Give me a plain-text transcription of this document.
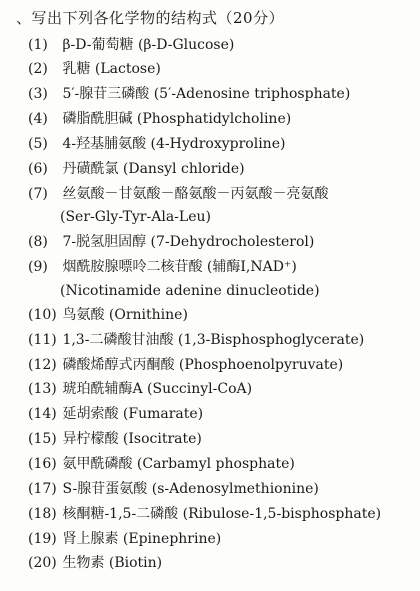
、写出下列各化学物的结构式（20分）
(1) β-D-葡萄糖 (β-D-Glucose)
(2) 乳糖 (Lactose)
(3) 5′-腺苷三磷酸 (5′-Adenosine triphosphate)
(4) 磷脂酰胆碱 (Phosphatidylcholine)
(5) 4-羟基脯氨酸 (4-Hydroxyproline)
(6) 丹磺酰氯 (Dansyl chloride)
(7) 丝氨酸－甘氨酸－酪氨酸－丙氨酸－亮氨酸
(Ser-Gly-Tyr-Ala-Leu)
(8) 7-脱氢胆固醇 (7-Dehydrocholesterol)
(9) 烟酰胺腺嘌呤二核苷酸 (辅酶Ⅰ,NAD⁺)
(Nicotinamide adenine dinucleotide)
(10) 鸟氨酸 (Ornithine)
(11) 1,3-二磷酸甘油酸 (1,3-Bisphosphoglycerate)
(12) 磷酸烯醇式丙酮酸 (Phosphoenolpyruvate)
(13) 琥珀酰辅酶A (Succinyl-CoA)
(14) 延胡索酸 (Fumarate)
(15) 异柠檬酸 (Isocitrate)
(16) 氨甲酰磷酸 (Carbamyl phosphate)
(17) S-腺苷蛋氨酸 (s-Adenosylmethionine)
(18) 核酮糖-1,5-二磷酸 (Ribulose-1,5-bisphosphate)
(19) 肾上腺素 (Epinephrine)
(20) 生物素 (Biotin)
